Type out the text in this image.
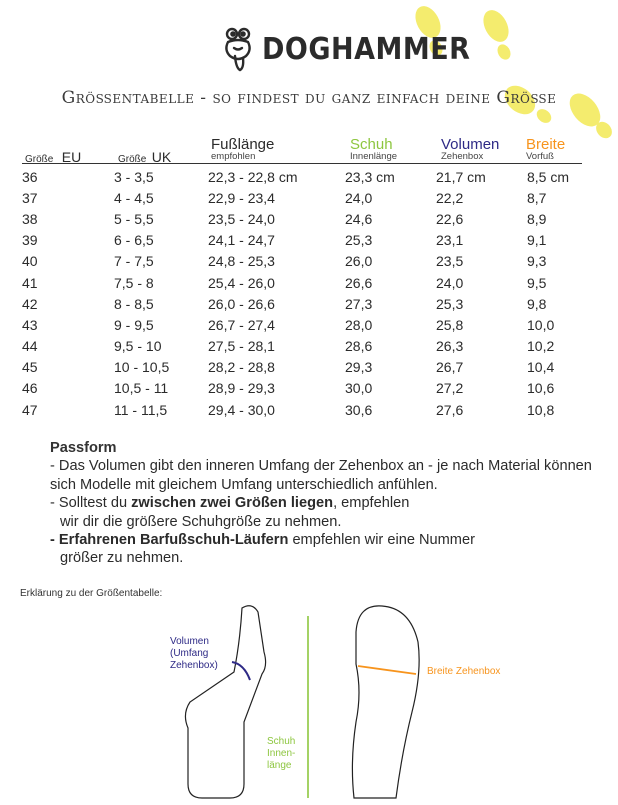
DOGHAMMER
Größentabelle - so findest du ganz einfach deine Größe
Größe EU	Größe UK
Fußlänge
empfohlen
Schuh
Innenlänge
Volumen
Zehenbox
Breite
Vorfuß
36	3 - 3,5	22,3 - 22,8 cm	23,3 cm	21,7 cm	8,5 cm
37	4 - 4,5	22,9 - 23,4	24,0	22,2	8,7
38	5 - 5,5	23,5 - 24,0	24,6	22,6	8,9
39	6 - 6,5	24,1 - 24,7	25,3	23,1	9,1
40	7 - 7,5	24,8 - 25,3	26,0	23,5	9,3
41	7,5 - 8	25,4 - 26,0	26,6	24,0	9,5
42	8 - 8,5	26,0 - 26,6	27,3	25,3	9,8
43	9 - 9,5	26,7 - 27,4	28,0	25,8	10,0
44	9,5 - 10	27,5 - 28,1	28,6	26,3	10,2
45	10 - 10,5	28,2 - 28,8	29,3	26,7	10,4
46	10,5 - 11	28,9 - 29,3	30,0	27,2	10,6
47	11 - 11,5	29,4 - 30,0	30,6	27,6	10,8
Passform

- Das Volumen gibt den inneren Umfang der Zehenbox an - je nach Material können sich Modelle mit gleichem Umfang unterschiedlich anfühlen.

- Solltest du zwischen zwei Größen liegen, empfehlen

wir dir die größere Schuhgröße zu nehmen.

- Erfahrenen Barfußschuh-Läufern empfehlen wir eine Nummer

größer zu nehmen.

Erklärung zu der Größentabelle:
Volumen
(Umfang
Zehenbox)
Schuh
Innen-
länge
Breite Zehenbox
